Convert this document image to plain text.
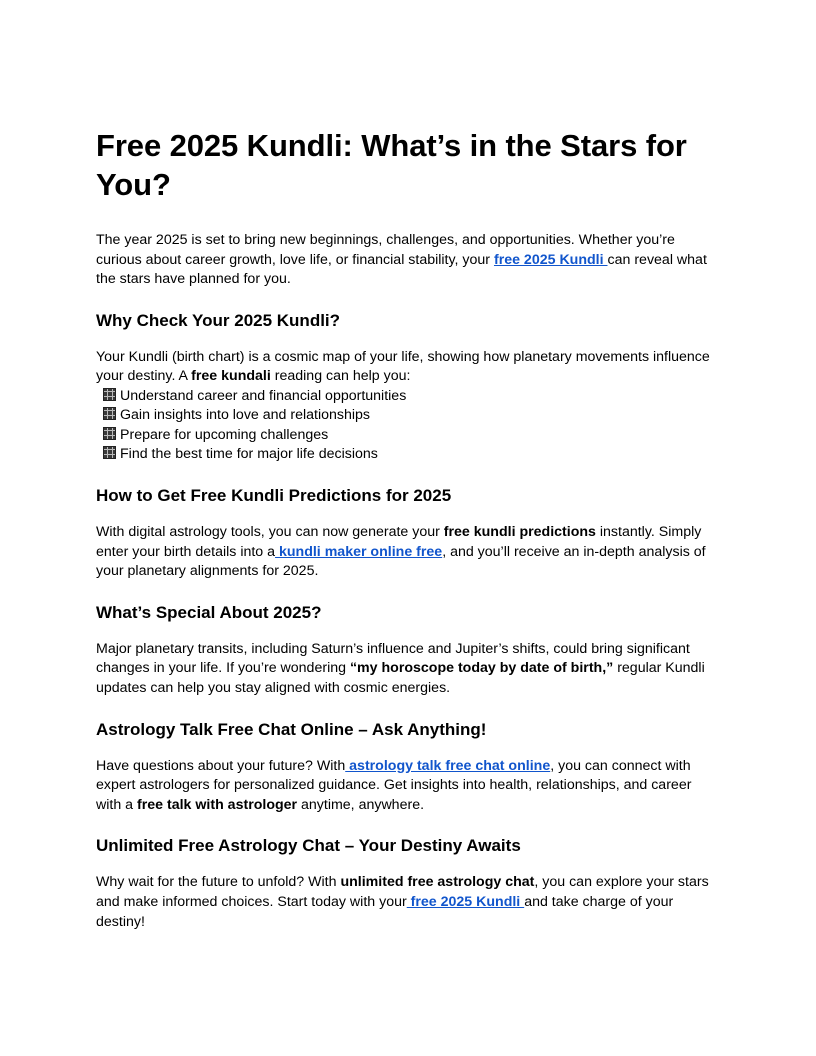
Free 2025 Kundli: What’s in the Stars for You?

The year 2025 is set to bring new beginnings, challenges, and opportunities. Whether you’re curious about career growth, love life, or financial stability, your free 2025 Kundli can reveal what the stars have planned for you.

Why Check Your 2025 Kundli?

Your Kundli (birth chart) is a cosmic map of your life, showing how planetary movements influence your destiny. A free kundali reading can help you:
Understand career and financial opportunities
Gain insights into love and relationships
Prepare for upcoming challenges
Find the best time for major life decisions

How to Get Free Kundli Predictions for 2025

With digital astrology tools, you can now generate your free kundli predictions instantly. Simply enter your birth details into a kundli maker online free, and you’ll receive an in-depth analysis of your planetary alignments for 2025.

What’s Special About 2025?

Major planetary transits, including Saturn’s influence and Jupiter’s shifts, could bring significant changes in your life. If you’re wondering “my horoscope today by date of birth,” regular Kundli updates can help you stay aligned with cosmic energies.

Astrology Talk Free Chat Online – Ask Anything!

Have questions about your future? With astrology talk free chat online, you can connect with expert astrologers for personalized guidance. Get insights into health, relationships, and career with a free talk with astrologer anytime, anywhere.

Unlimited Free Astrology Chat – Your Destiny Awaits

Why wait for the future to unfold? With unlimited free astrology chat, you can explore your stars and make informed choices. Start today with your free 2025 Kundli and take charge of your destiny!
